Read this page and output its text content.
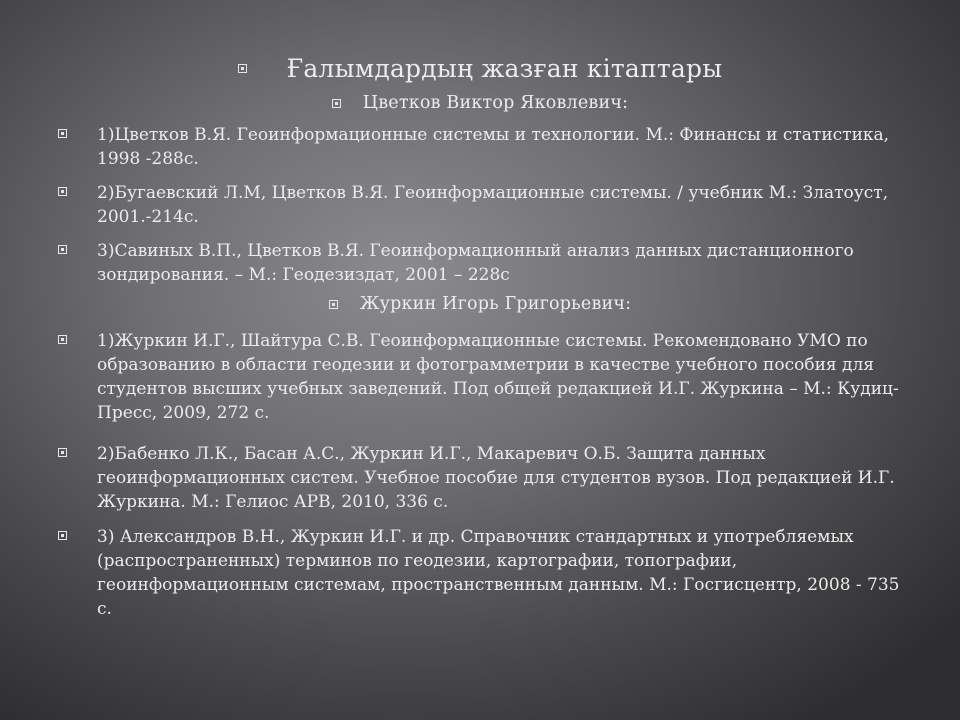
Ғалымдардың жазған кітаптары
Цветков Виктор Яковлевич:
1)Цветков В.Я. Геоинформационные системы и технологии. М.: Финансы и статистика, 1998 -288с.
2)Бугаевский Л.М, Цветков В.Я. Геоинформационные системы. / учебник М.: Златоуст, 2001.-214с.
3)Савиных В.П., Цветков В.Я. Геоинформационный анализ данных дистанционного зондирования. – М.: Геодезиздат, 2001 – 228с
Журкин Игорь Григорьевич:
1)Журкин И.Г., Шайтура С.В. Геоинформационные системы. Рекомендовано УМО по образованию в области геодезии и фотограмметрии в качестве учебного пособия для студентов высших учебных заведений. Под общей редакцией И.Г. Журкина – М.: Кудиц-Пресс, 2009, 272 с.
2)Бабенко Л.К., Басан А.С., Журкин И.Г., Макаревич О.Б. Защита данных геоинформационных систем. Учебное пособие для студентов вузов. Под редакцией И.Г. Журкина. М.: Гелиос АРВ, 2010, 336 с.
3) Александров В.Н., Журкин И.Г. и др. Справочник стандартных и употребляемых (распространенных) терминов по геодезии, картографии, топографии, геоинформационным системам, пространственным данным. М.: Госгисцентр, 2008 - 735 с.
